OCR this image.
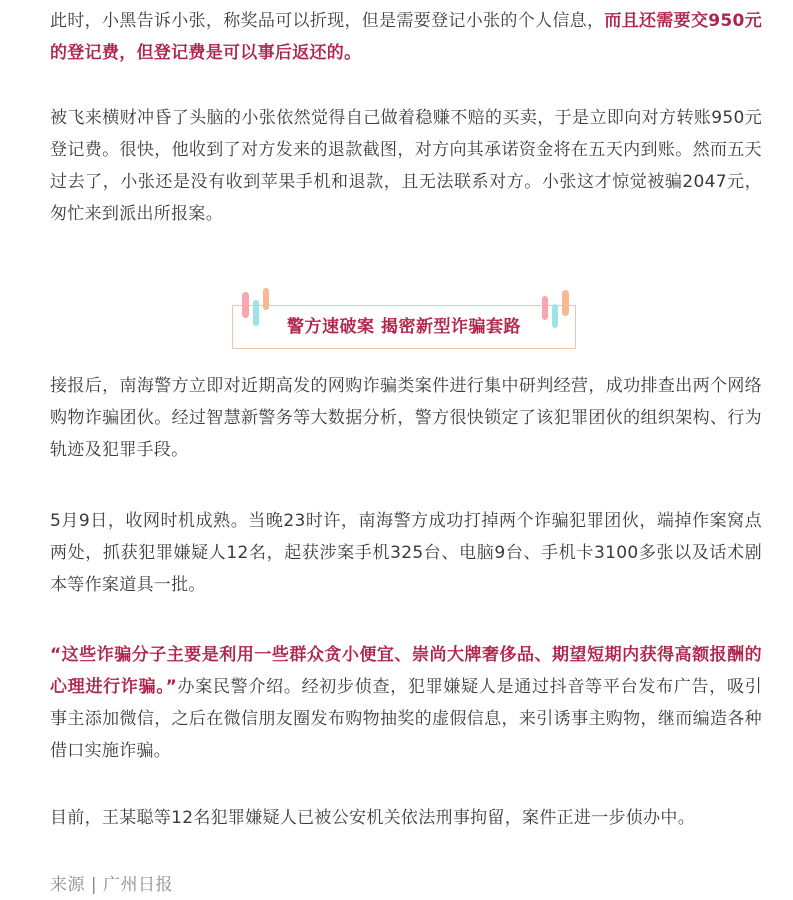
此时，小黑告诉小张，称奖品可以折现，但是需要登记小张的个人信息，而且还需要交950元的登记费，但登记费是可以事后返还的。

被飞来横财冲昏了头脑的小张依然觉得自己做着稳赚不赔的买卖，于是立即向对方转账950元登记费。很快，他收到了对方发来的退款截图，对方向其承诺资金将在五天内到账。然而五天过去了，小张还是没有收到苹果手机和退款，且无法联系对方。小张这才惊觉被骗2047元，匆忙来到派出所报案。

接报后，南海警方立即对近期高发的网购诈骗类案件进行集中研判经营，成功排查出两个网络购物诈骗团伙。经过智慧新警务等大数据分析，警方很快锁定了该犯罪团伙的组织架构、行为轨迹及犯罪手段。

5月9日，收网时机成熟。当晚23时许，南海警方成功打掉两个诈骗犯罪团伙，端掉作案窝点两处，抓获犯罪嫌疑人12名，起获涉案手机325台、电脑9台、手机卡3100多张以及话术剧本等作案道具一批。

“这些诈骗分子主要是利用一些群众贪小便宜、崇尚大牌奢侈品、期望短期内获得高额报酬的心理进行诈骗。”办案民警介绍。经初步侦查，犯罪嫌疑人是通过抖音等平台发布广告，吸引事主添加微信，之后在微信朋友圈发布购物抽奖的虚假信息，来引诱事主购物，继而编造各种借口实施诈骗。

目前，王某聪等12名犯罪嫌疑人已被公安机关依法刑事拘留，案件正进一步侦办中。

来源 | 广州日报
警方速破案 揭密新型诈骗套路
